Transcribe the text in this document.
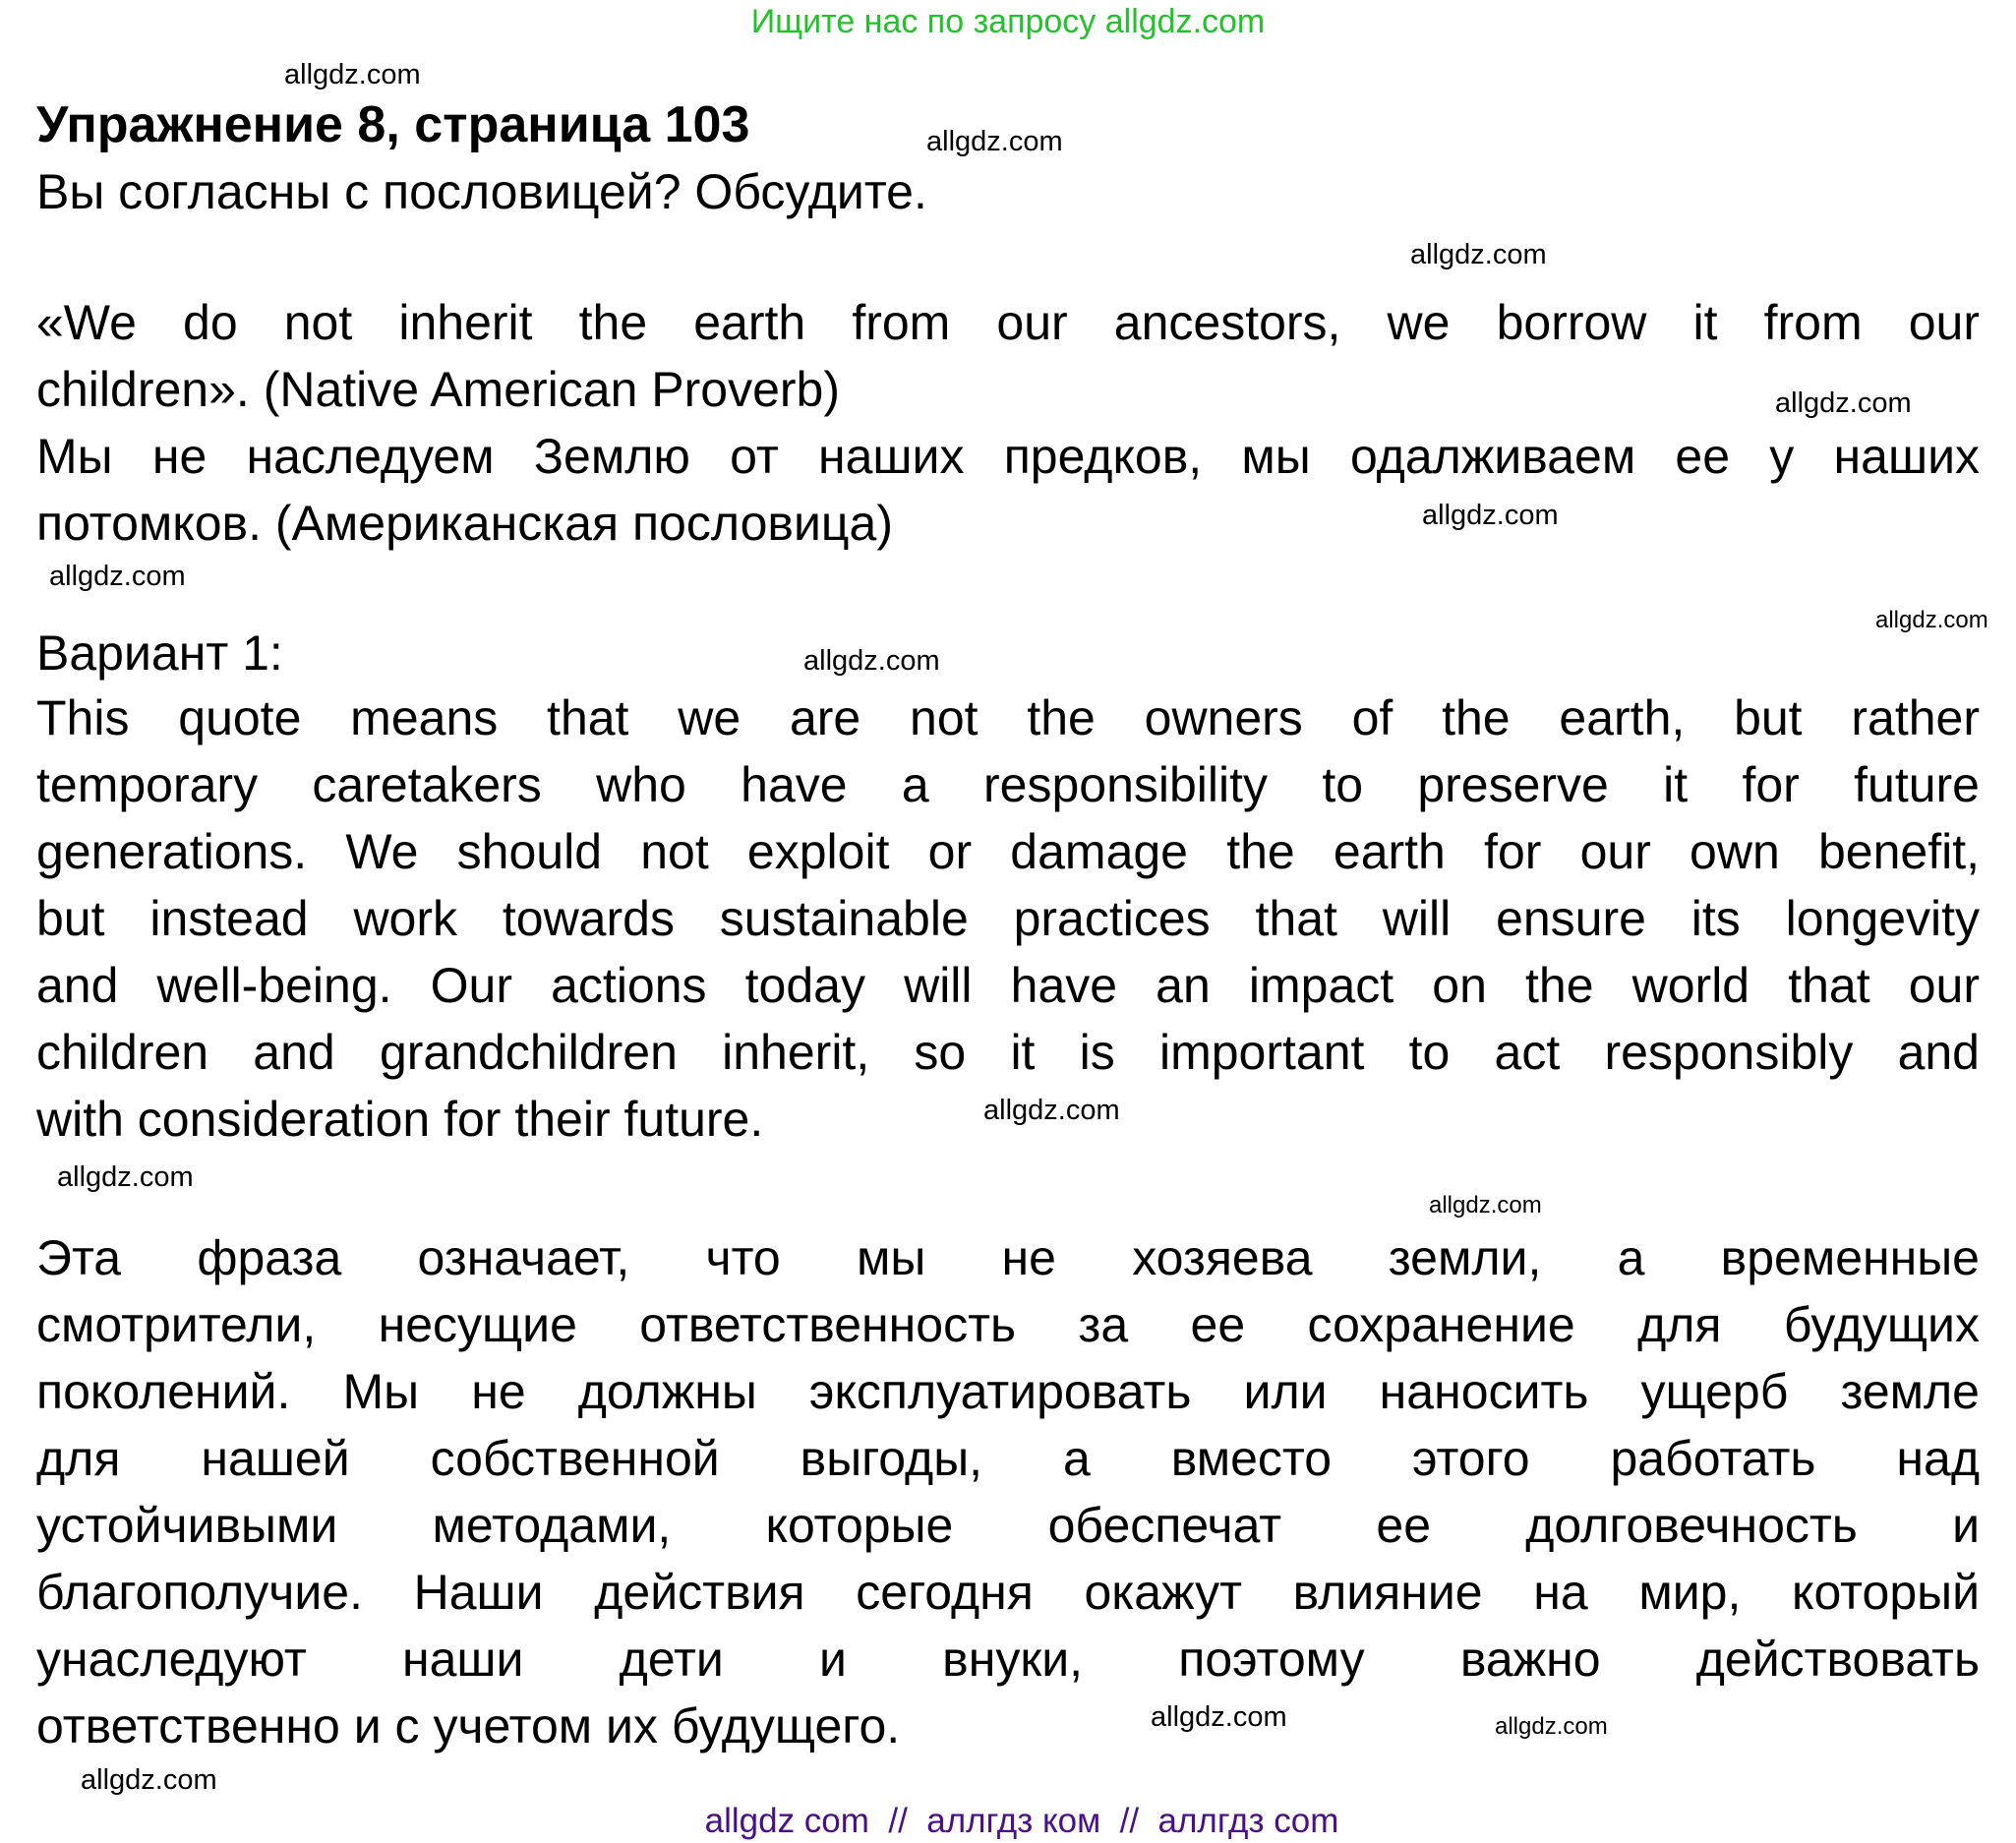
Ищите нас по запросу allgdz.com
allgdz.com
Упражнение 8, страница 103	allgdz.com
Вы согласны с пословицей? Обсудите.
allgdz.com
«We do not inherit the earth from our ancestors, we borrow it from our
children». (Native American Proverb)	allgdz.com
Мы не наследуем Землю от наших предков, мы одалживаем ее у наших
потомков. (Американская пословица)	allgdz.com
allgdz.com
allgdz.com
Вариант 1:	allgdz.com
This quote means that we are not the owners of the earth, but rather
temporary caretakers who have a responsibility to preserve it for future
generations. We should not exploit or damage the earth for our own benefit,
but instead work towards sustainable practices that will ensure its longevity
and well-being. Our actions today will have an impact on the world that our
children and grandchildren inherit, so it is important to act responsibly and
with consideration for their future.	allgdz.com
allgdz.com
allgdz.com
Эта фраза означает, что мы не хозяева земли, а временные
смотрители, несущие ответственность за ее сохранение для будущих
поколений. Мы не должны эксплуатировать или наносить ущерб земле
для нашей собственной выгоды, а вместо этого работать над
устойчивыми методами, которые обеспечат ее долговечность и
благополучие. Наши действия сегодня окажут влияние на мир, который
унаследуют наши дети и внуки, поэтому важно действовать
ответственно и с учетом их будущего.	allgdz.com
allgdz.com
allgdz.com
allgdz com  //  аллгдз ком  //  аллгдз com
